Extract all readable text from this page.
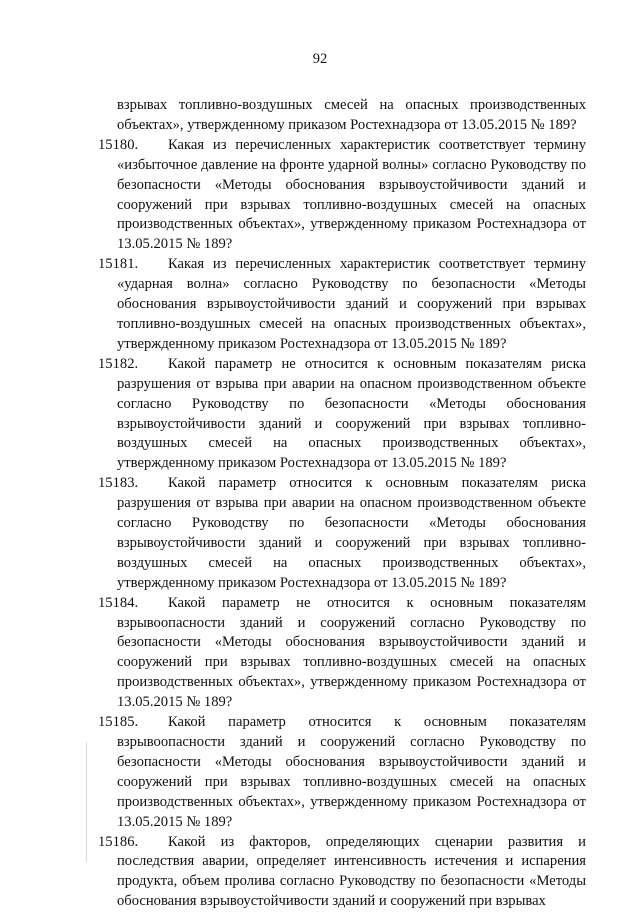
92

взрывах топливно-воздушных смесей на опасных производственных объектах», утвержденному приказом Ростехнадзора от 13.05.2015 № 189?

15180. Какая из перечисленных характеристик соответствует термину «избыточное давление на фронте ударной волны» согласно Руководству по безопасности «Методы обоснования взрывоустойчивости зданий и сооружений при взрывах топливно-воздушных смесей на опасных производственных объектах», утвержденному приказом Ростехнадзора от 13.05.2015 № 189?

15181. Какая из перечисленных характеристик соответствует термину «ударная волна» согласно Руководству по безопасности «Методы обоснования взрывоустойчивости зданий и сооружений при взрывах топливно-воздушных смесей на опасных производственных объектах», утвержденному приказом Ростехнадзора от 13.05.2015 № 189?

15182. Какой параметр не относится к основным показателям риска разрушения от взрыва при аварии на опасном производственном объекте согласно Руководству по безопасности «Методы обоснования взрывоустойчивости зданий и сооружений при взрывах топливно-воздушных смесей на опасных производственных объектах», утвержденному приказом Ростехнадзора от 13.05.2015 № 189?

15183. Какой параметр относится к основным показателям риска разрушения от взрыва при аварии на опасном производственном объекте согласно Руководству по безопасности «Методы обоснования взрывоустойчивости зданий и сооружений при взрывах топливно-воздушных смесей на опасных производственных объектах», утвержденному приказом Ростехнадзора от 13.05.2015 № 189?

15184. Какой параметр не относится к основным показателям взрывоопасности зданий и сооружений согласно Руководству по безопасности «Методы обоснования взрывоустойчивости зданий и сооружений при взрывах топливно-воздушных смесей на опасных производственных объектах», утвержденному приказом Ростехнадзора от 13.05.2015 № 189?

15185. Какой параметр относится к основным показателям взрывоопасности зданий и сооружений согласно Руководству по безопасности «Методы обоснования взрывоустойчивости зданий и сооружений при взрывах топливно-воздушных смесей на опасных производственных объектах», утвержденному приказом Ростехнадзора от 13.05.2015 № 189?

15186. Какой из факторов, определяющих сценарии развития и последствия аварии, определяет интенсивность истечения и испарения продукта, объем пролива согласно Руководству по безопасности «Методы обоснования взрывоустойчивости зданий и сооружений при взрывах
